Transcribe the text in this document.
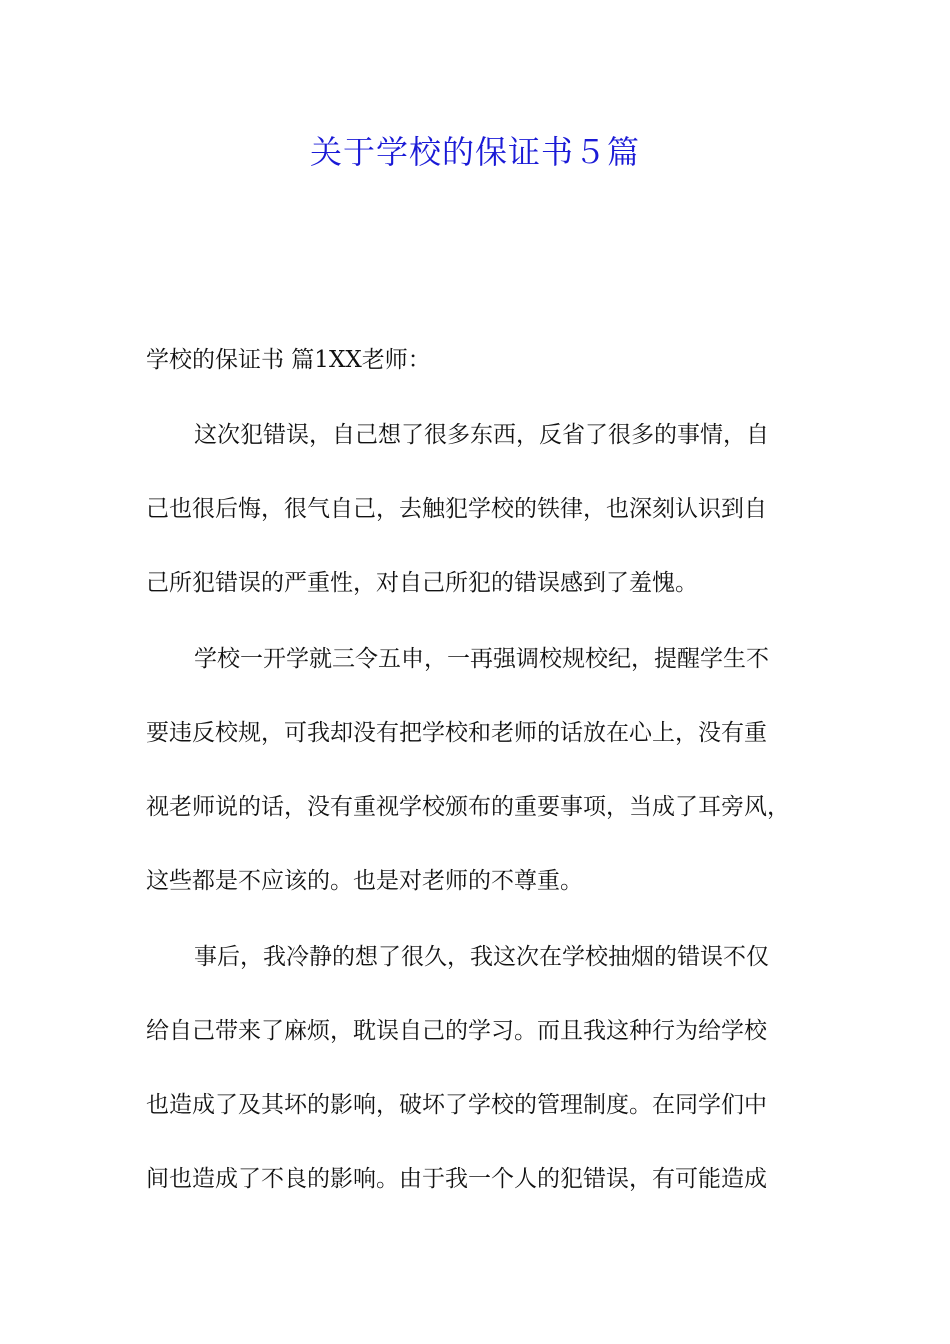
关于学校的保证书５篇
学校的保证书 篇1XX老师：
这次犯错误，自己想了很多东西，反省了很多的事情，自
己也很后悔，很气自己，去触犯学校的铁律，也深刻认识到自
己所犯错误的严重性，对自己所犯的错误感到了羞愧。
学校一开学就三令五申，一再强调校规校纪，提醒学生不
要违反校规，可我却没有把学校和老师的话放在心上，没有重
视老师说的话，没有重视学校颁布的重要事项，当成了耳旁风，
这些都是不应该的。也是对老师的不尊重。
事后，我冷静的想了很久，我这次在学校抽烟的错误不仅
给自己带来了麻烦，耽误自己的学习。而且我这种行为给学校
也造成了及其坏的影响，破坏了学校的管理制度。在同学们中
间也造成了不良的影响。由于我一个人的犯错误，有可能造成
